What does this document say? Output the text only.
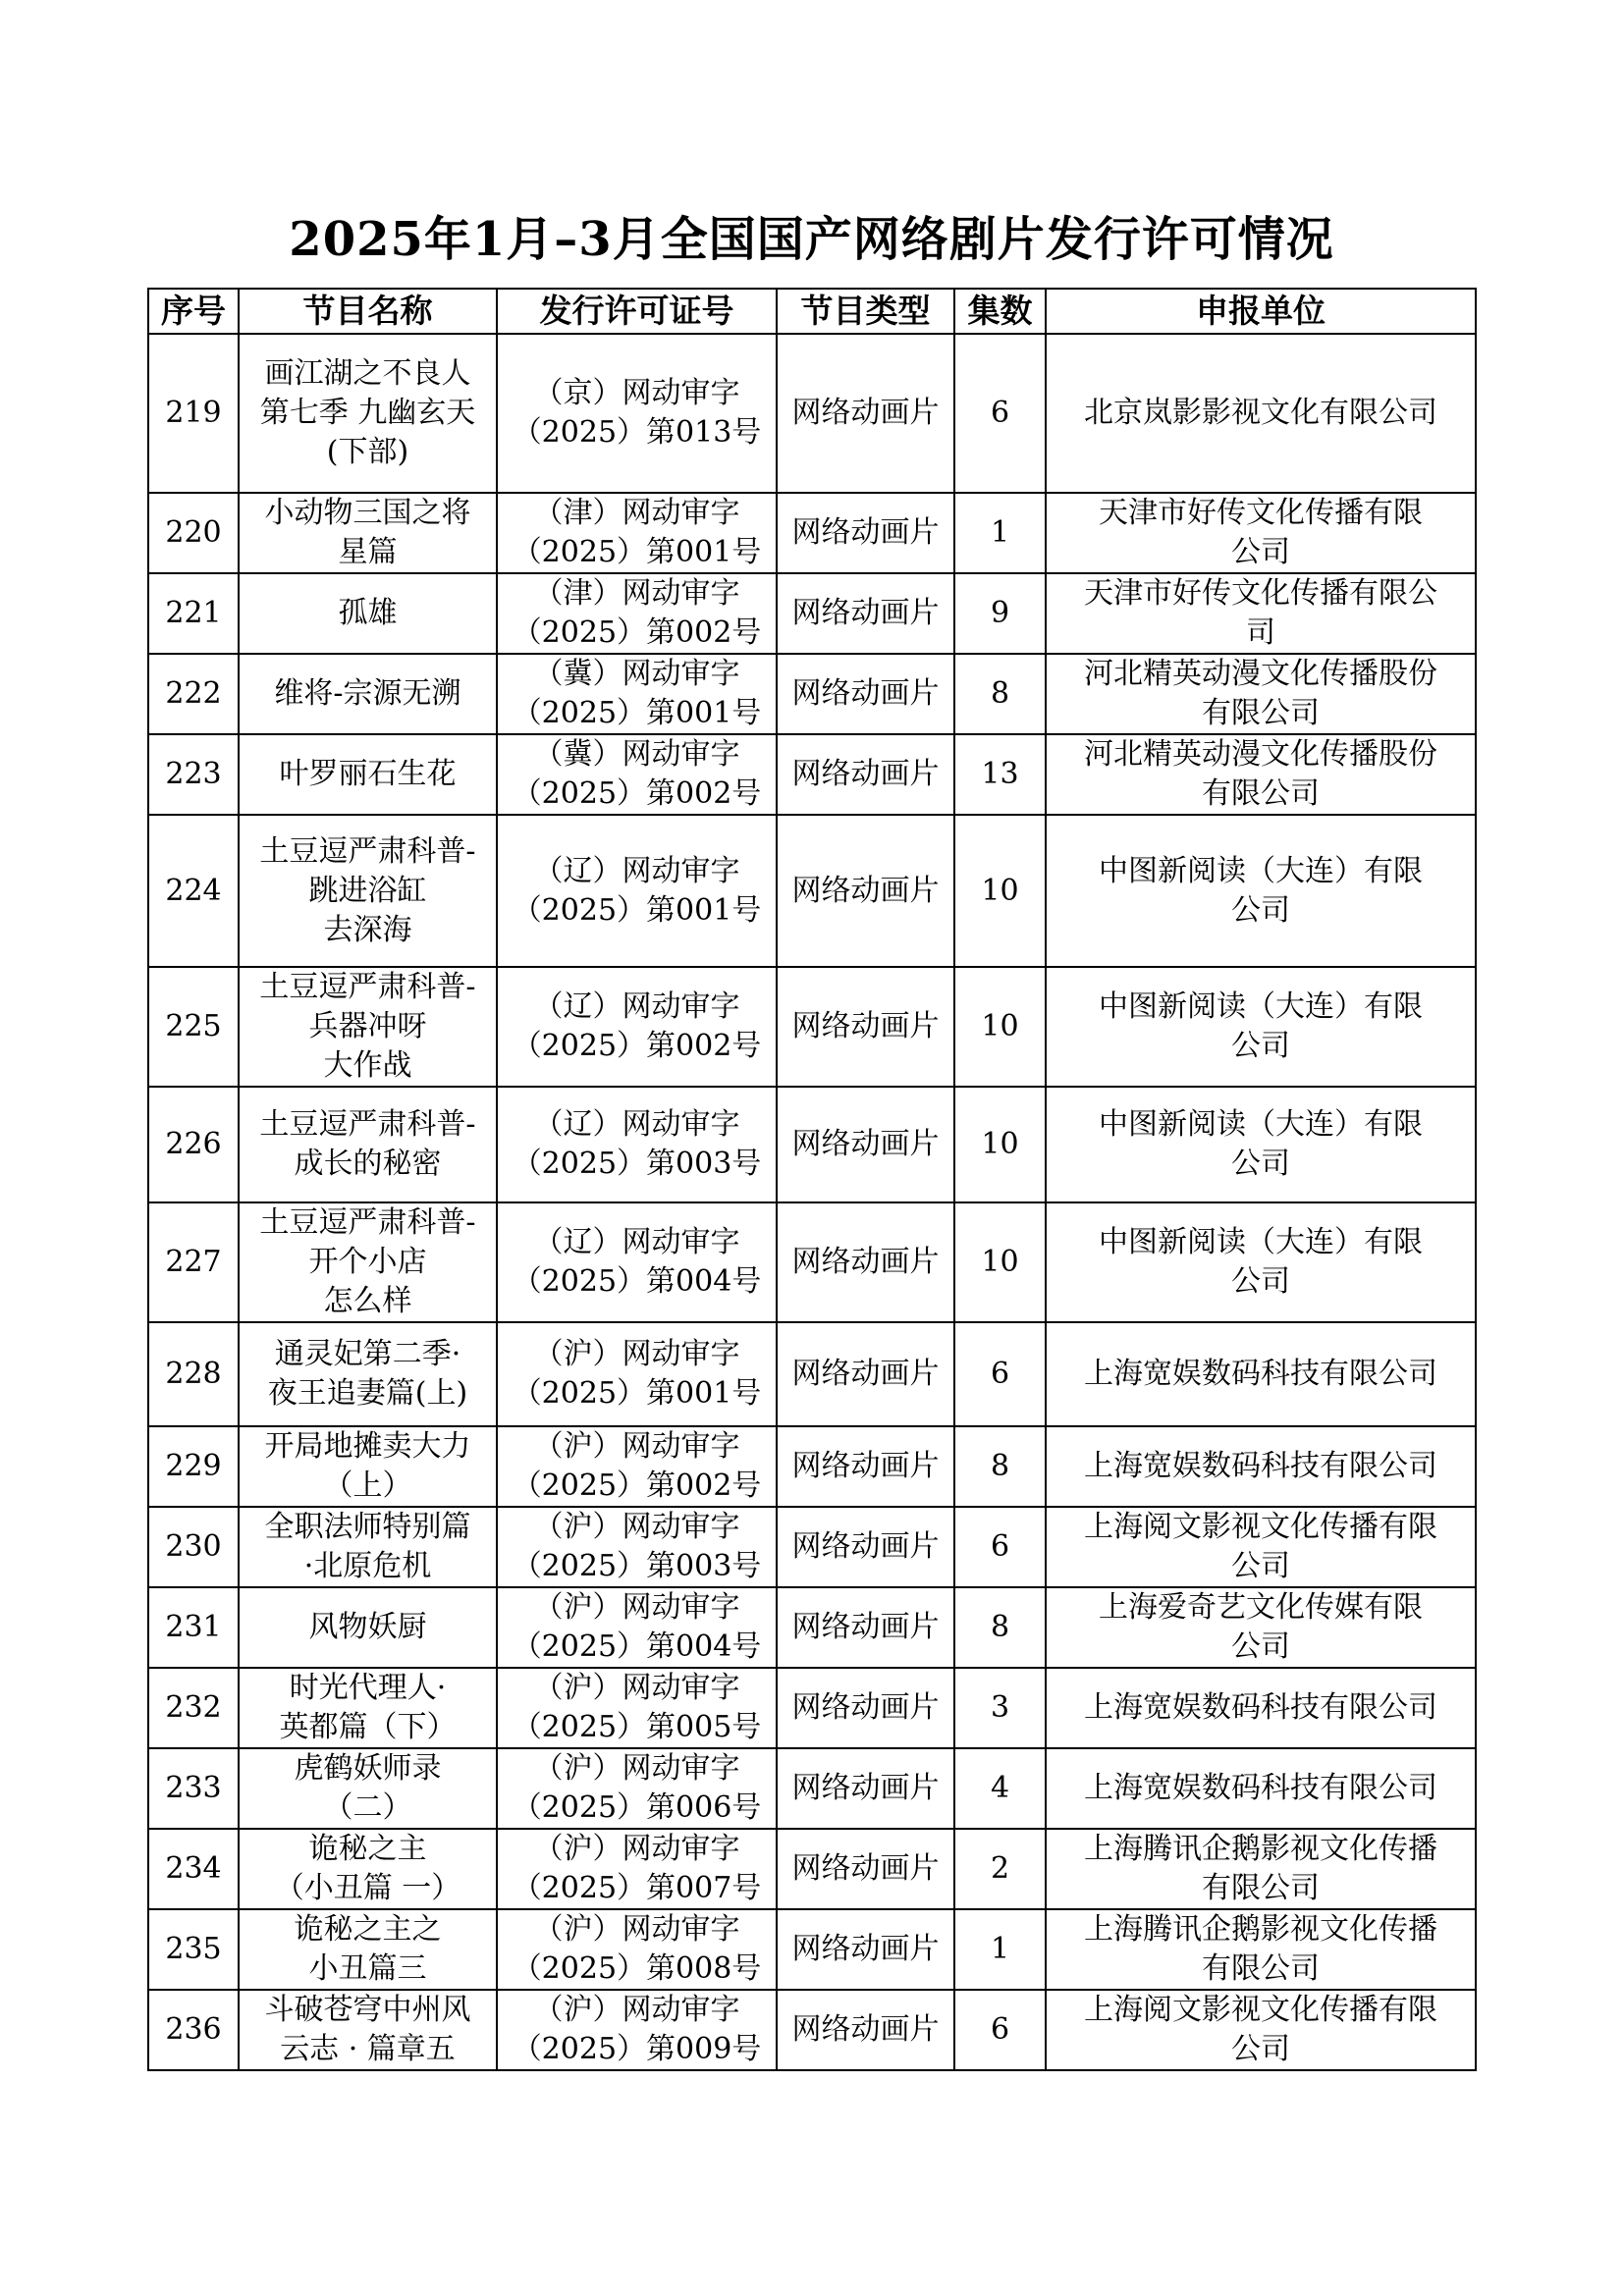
2025年1月–3月全国国产网络剧片发行许可情况
序号	节目名称	发行许可证号	节目类型	集数	申报单位
219	画江湖之不良人
第七季 九幽玄天
(下部)	（京）网动审字
（2025）第013号	网络动画片	6	北京岚影影视文化有限公司

220	小动物三国之将
星篇	（津）网动审字
（2025）第001号	网络动画片	1	天津市好传文化传播有限
公司

221	孤雄	（津）网动审字
（2025）第002号	网络动画片	9	天津市好传文化传播有限公
司

222	维将-宗源无溯	（冀）网动审字
（2025）第001号	网络动画片	8	河北精英动漫文化传播股份
有限公司

223	叶罗丽石生花	（冀）网动审字
（2025）第002号	网络动画片	13	河北精英动漫文化传播股份
有限公司

224	土豆逗严肃科普-
跳进浴缸
去深海	（辽）网动审字
（2025）第001号	网络动画片	10	中图新阅读（大连）有限
公司

225	土豆逗严肃科普-
兵器冲呀
大作战	（辽）网动审字
（2025）第002号	网络动画片	10	中图新阅读（大连）有限
公司

226	土豆逗严肃科普-
成长的秘密	（辽）网动审字
（2025）第003号	网络动画片	10	中图新阅读（大连）有限
公司

227	土豆逗严肃科普-
开个小店
怎么样	（辽）网动审字
（2025）第004号	网络动画片	10	中图新阅读（大连）有限
公司

228	通灵妃第二季·
夜王追妻篇(上)	（沪）网动审字
（2025）第001号	网络动画片	6	上海宽娱数码科技有限公司

229	开局地摊卖大力
（上）	（沪）网动审字
（2025）第002号	网络动画片	8	上海宽娱数码科技有限公司

230	全职法师特别篇
·北原危机	（沪）网动审字
（2025）第003号	网络动画片	6	上海阅文影视文化传播有限
公司

231	风物妖厨	（沪）网动审字
（2025）第004号	网络动画片	8	上海爱奇艺文化传媒有限
公司

232	时光代理人·
英都篇（下）	（沪）网动审字
（2025）第005号	网络动画片	3	上海宽娱数码科技有限公司

233	虎鹤妖师录
（二）	（沪）网动审字
（2025）第006号	网络动画片	4	上海宽娱数码科技有限公司

234	诡秘之主
（小丑篇 一）	（沪）网动审字
（2025）第007号	网络动画片	2	上海腾讯企鹅影视文化传播
有限公司

235	诡秘之主之
小丑篇三	（沪）网动审字
（2025）第008号	网络动画片	1	上海腾讯企鹅影视文化传播
有限公司

236	斗破苍穹中州风
云志 · 篇章五	（沪）网动审字
（2025）第009号	网络动画片	6	上海阅文影视文化传播有限
公司
